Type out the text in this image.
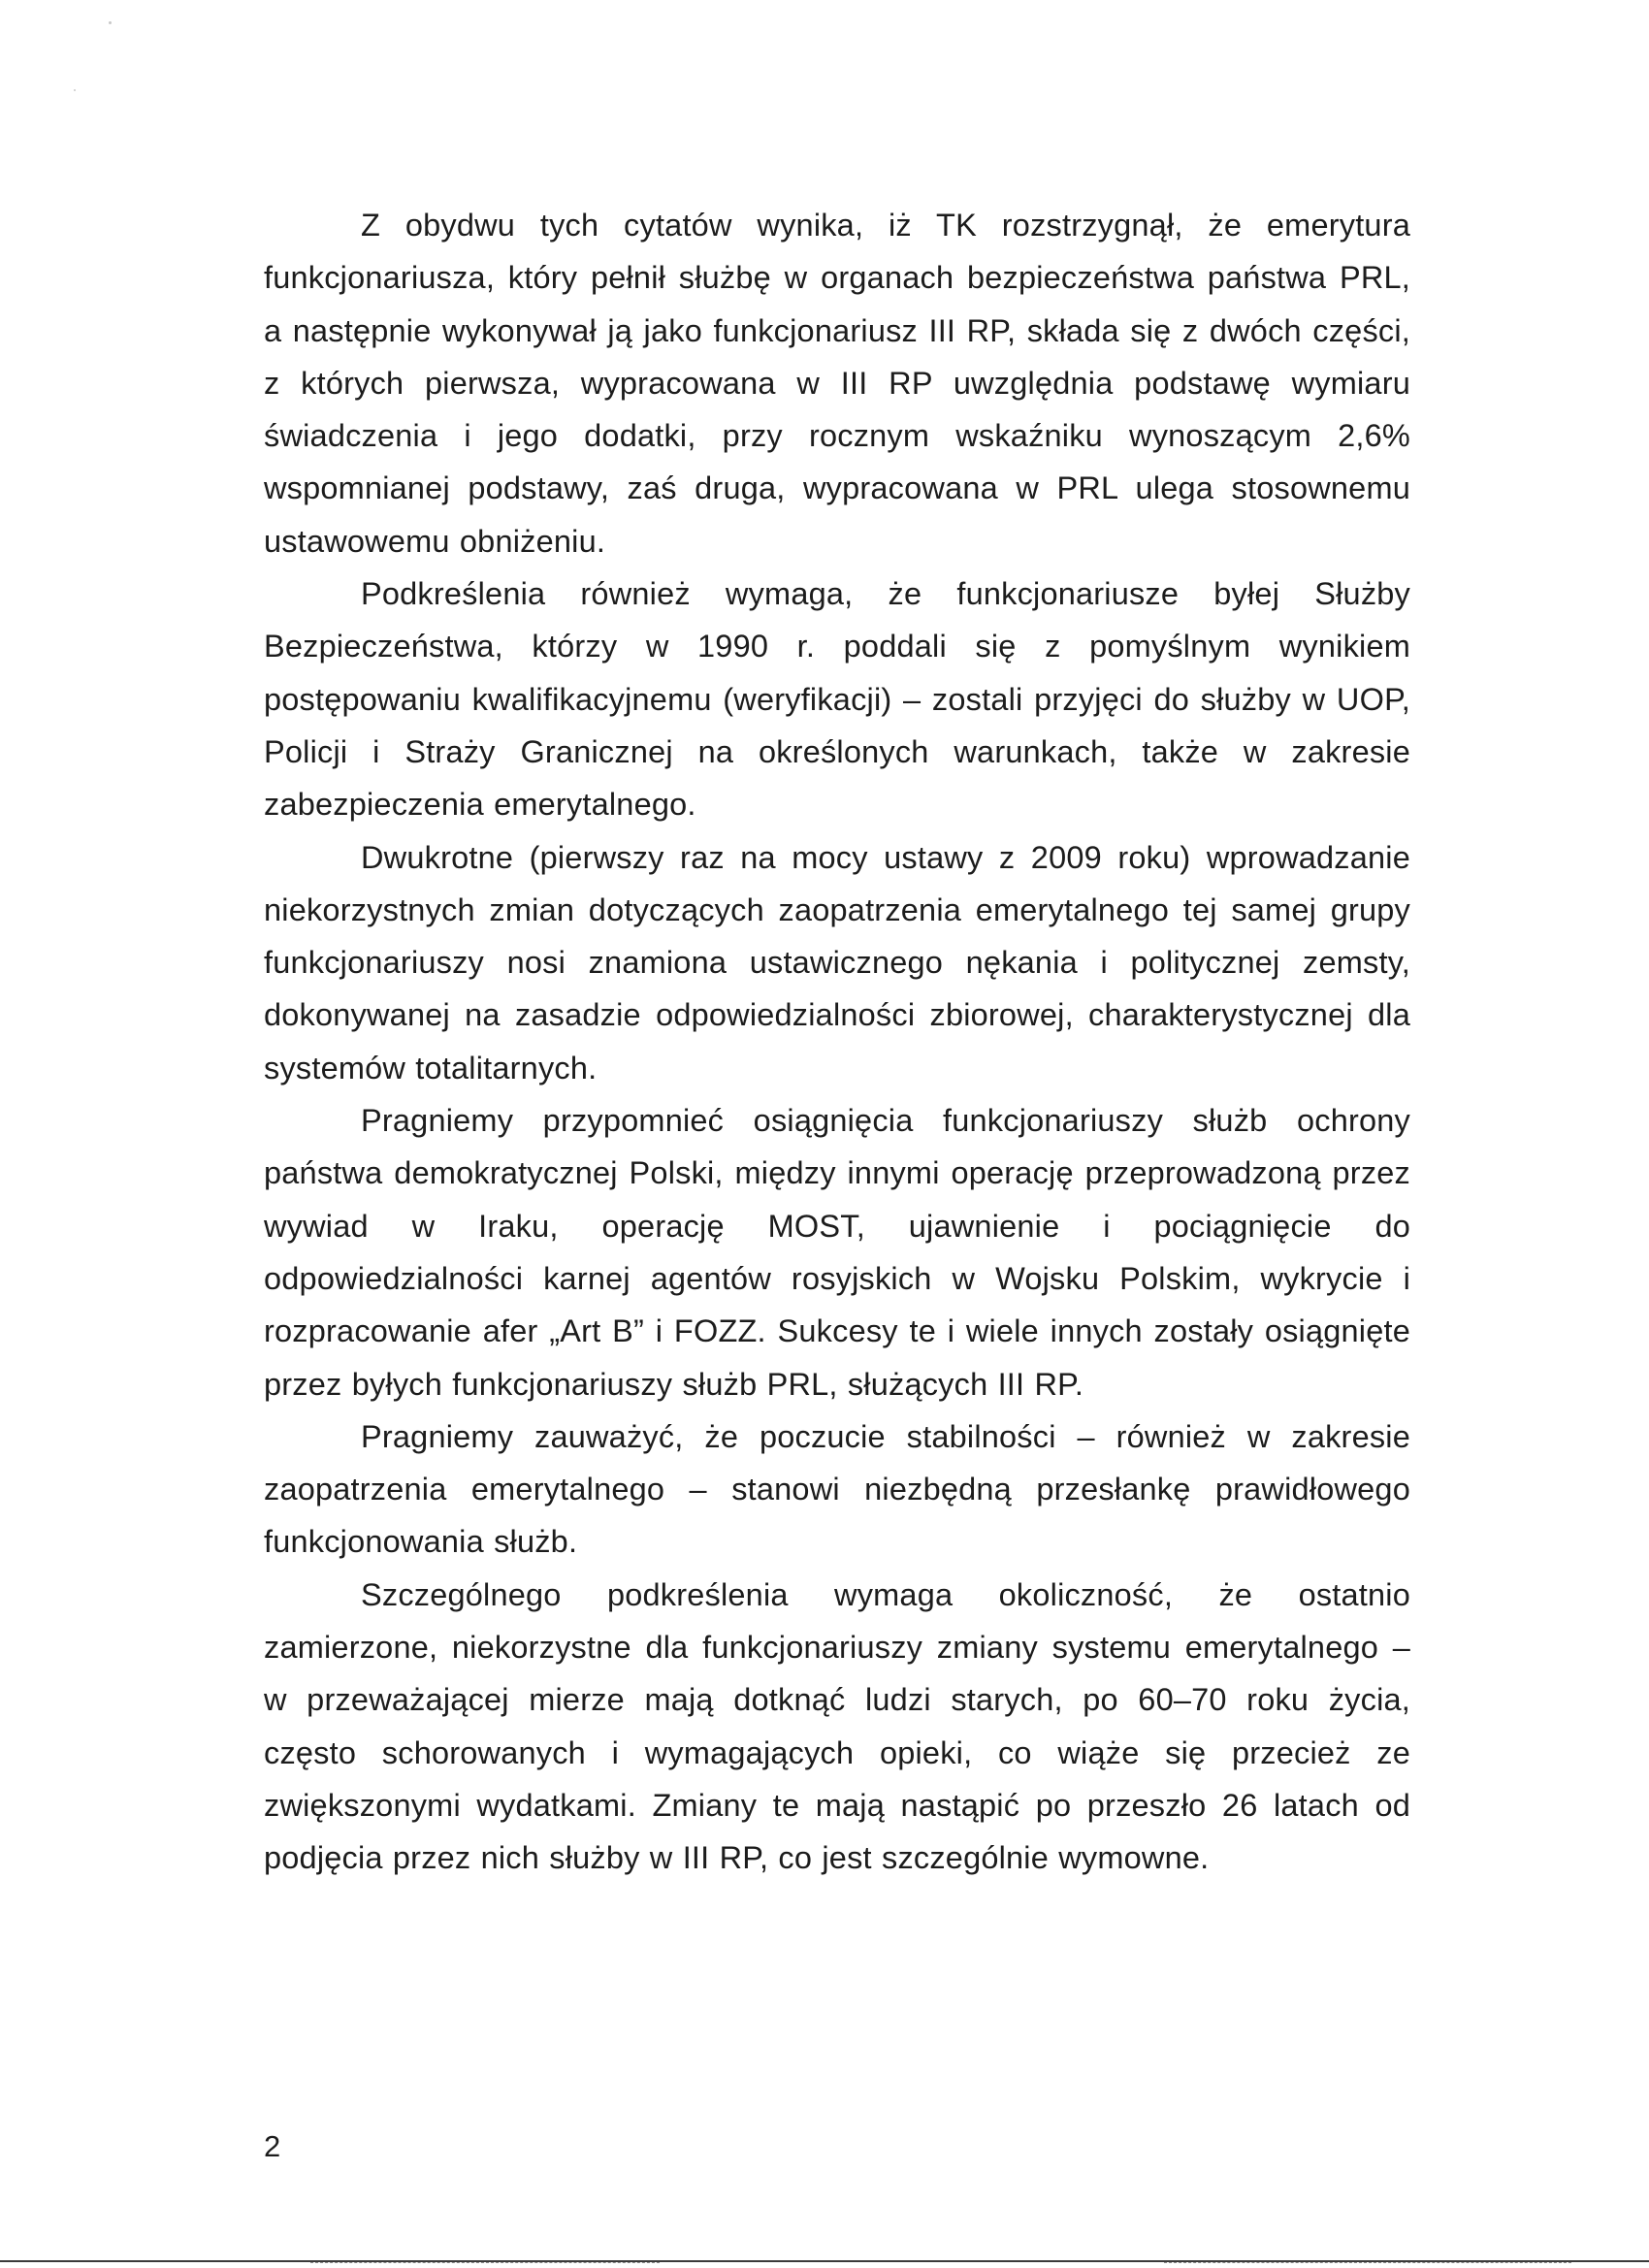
Z obydwu tych cytatów wynika, iż TK rozstrzygnął, że emerytura funkcjonariusza, który pełnił służbę w organach bezpieczeństwa państwa PRL, a następnie wykonywał ją jako funkcjonariusz III RP, składa się z dwóch części, z których pierwsza, wypracowana w III RP uwzględnia podstawę wymiaru świadczenia i jego dodatki, przy rocznym wskaźniku wynoszącym 2,6% wspomnianej podstawy, zaś druga, wypracowana w PRL ulega stosownemu ustawowemu obniżeniu.

Podkreślenia również wymaga, że funkcjonariusze byłej Służby Bezpieczeństwa, którzy w 1990 r. poddali się z pomyślnym wynikiem postępowaniu kwalifikacyjnemu (weryfikacji) – zostali przyjęci do służby w UOP, Policji i Straży Granicznej na określonych warunkach, także w zakresie zabezpieczenia emerytalnego.

Dwukrotne (pierwszy raz na mocy ustawy z 2009 roku) wprowadzanie niekorzystnych zmian dotyczących zaopatrzenia emerytalnego tej samej grupy funkcjonariuszy nosi znamiona ustawicznego nękania i politycznej zemsty, dokonywanej na zasadzie odpowiedzialności zbiorowej, charakterystycznej dla systemów totalitarnych.

Pragniemy przypomnieć osiągnięcia funkcjonariuszy służb ochrony państwa demokratycznej Polski, między innymi operację przeprowadzoną przez wywiad w Iraku, operację MOST, ujawnienie i pociągnięcie do odpowiedzialności karnej agentów rosyjskich w Wojsku Polskim, wykrycie i rozpracowanie afer „Art B” i FOZZ. Sukcesy te i wiele innych zostały osiągnięte przez byłych funkcjonariuszy służb PRL, służących III RP.

Pragniemy zauważyć, że poczucie stabilności – również w zakresie zaopatrzenia emerytalnego – stanowi niezbędną przesłankę prawidłowego funkcjonowania służb.

Szczególnego podkreślenia wymaga okoliczność, że ostatnio zamierzone, niekorzystne dla funkcjonariuszy zmiany systemu emerytalnego – w przeważającej mierze mają dotknąć ludzi starych, po 60–70 roku życia, często schorowanych i wymagających opieki, co wiąże się przecież ze zwiększonymi wydatkami. Zmiany te mają nastąpić po przeszło 26 latach od podjęcia przez nich służby w III RP, co jest szczególnie wymowne.

2
